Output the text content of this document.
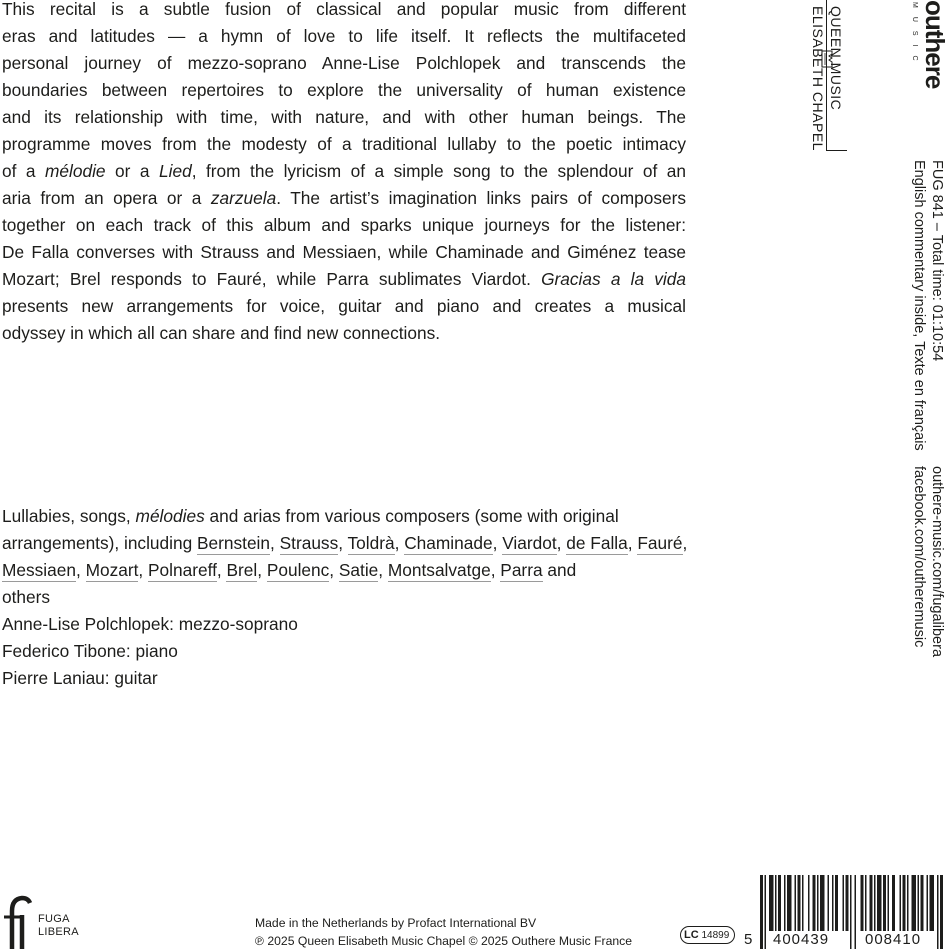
This recital is a subtle fusion of classical and popular music from different
eras and latitudes — a hymn of love to life itself. It reflects the multifaceted
personal journey of mezzo-soprano Anne-Lise Polchlopek and transcends the
boundaries between repertoires to explore the universality of human existence
and its relationship with time, with nature, and with other human beings. The
programme moves from the modesty of a traditional lullaby to the poetic intimacy
of a mélodie or a Lied, from the lyricism of a simple song to the splendour of an
aria from an opera or a zarzuela. The artist’s imagination links pairs of composers
together on each track of this album and sparks unique journeys for the listener:
De Falla converses with Strauss and Messiaen, while Chaminade and Giménez tease
Mozart; Brel responds to Fauré, while Parra sublimates Viardot. Gracias a la vida
presents new arrangements for voice, guitar and piano and creates a musical
odyssey in which all can share and find new connections.

Lullabies, songs, mélodies and arias from various composers (some with original arrangements), including Bernstein, Strauss, Toldrà, Chaminade, Viardot, de Falla, Fauré, Messiaen, Mozart, Polnareff, Brel, Poulenc, Satie, Montsalvatge, Parra and
others

Anne-Lise Polchlopek: mezzo-soprano
Federico Tibone: piano
Pierre Laniau: guitar
outhere
MUSIC
QUEEN MUSIC
ELISABETH CHAPEL
FUG 841 – Total time: 01:10:54
English commentary inside, Texte en français
outhere-music.com/fugalibera
facebook.com/outheremusic
FUGA
LIBERA
Made in the Netherlands by Profact International BV
℗ 2025 Queen Elisabeth Music Chapel © 2025 Outhere Music France	LC 14899 5 400439 008410
